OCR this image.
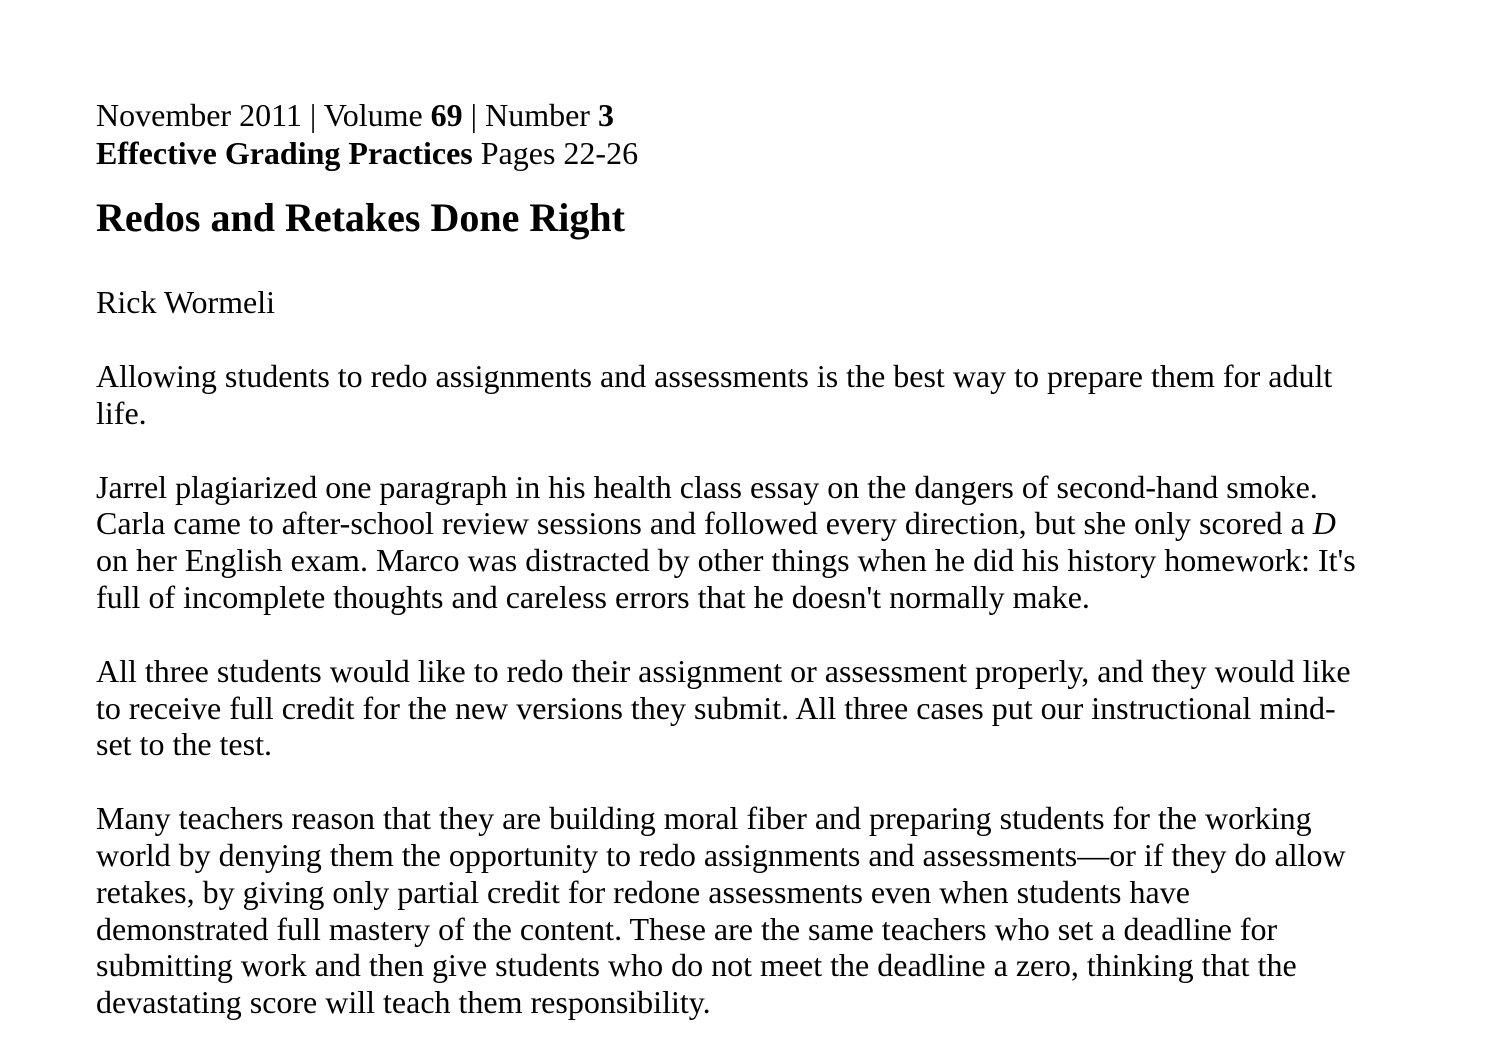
November 2011 | Volume 69 | Number 3

Effective Grading Practices Pages 22-26

Redos and Retakes Done Right

Rick Wormeli

Allowing students to redo assignments and assessments is the best way to prepare them for adult life.

Jarrel plagiarized one paragraph in his health class essay on the dangers of second-hand smoke. Carla came to after-school review sessions and followed every direction, but she only scored a D on her English exam. Marco was distracted by other things when he did his history homework: It's full of incomplete thoughts and careless errors that he doesn't normally make.

All three students would like to redo their assignment or assessment properly, and they would like to receive full credit for the new versions they submit. All three cases put our instructional mind-set to the test.

Many teachers reason that they are building moral fiber and preparing students for the working world by denying them the opportunity to redo assignments and assessments—or if they do allow retakes, by giving only partial credit for redone assessments even when students have demonstrated full mastery of the content. These are the same teachers who set a deadline for submitting work and then give students who do not meet the deadline a zero, thinking that the devastating score will teach them responsibility.
